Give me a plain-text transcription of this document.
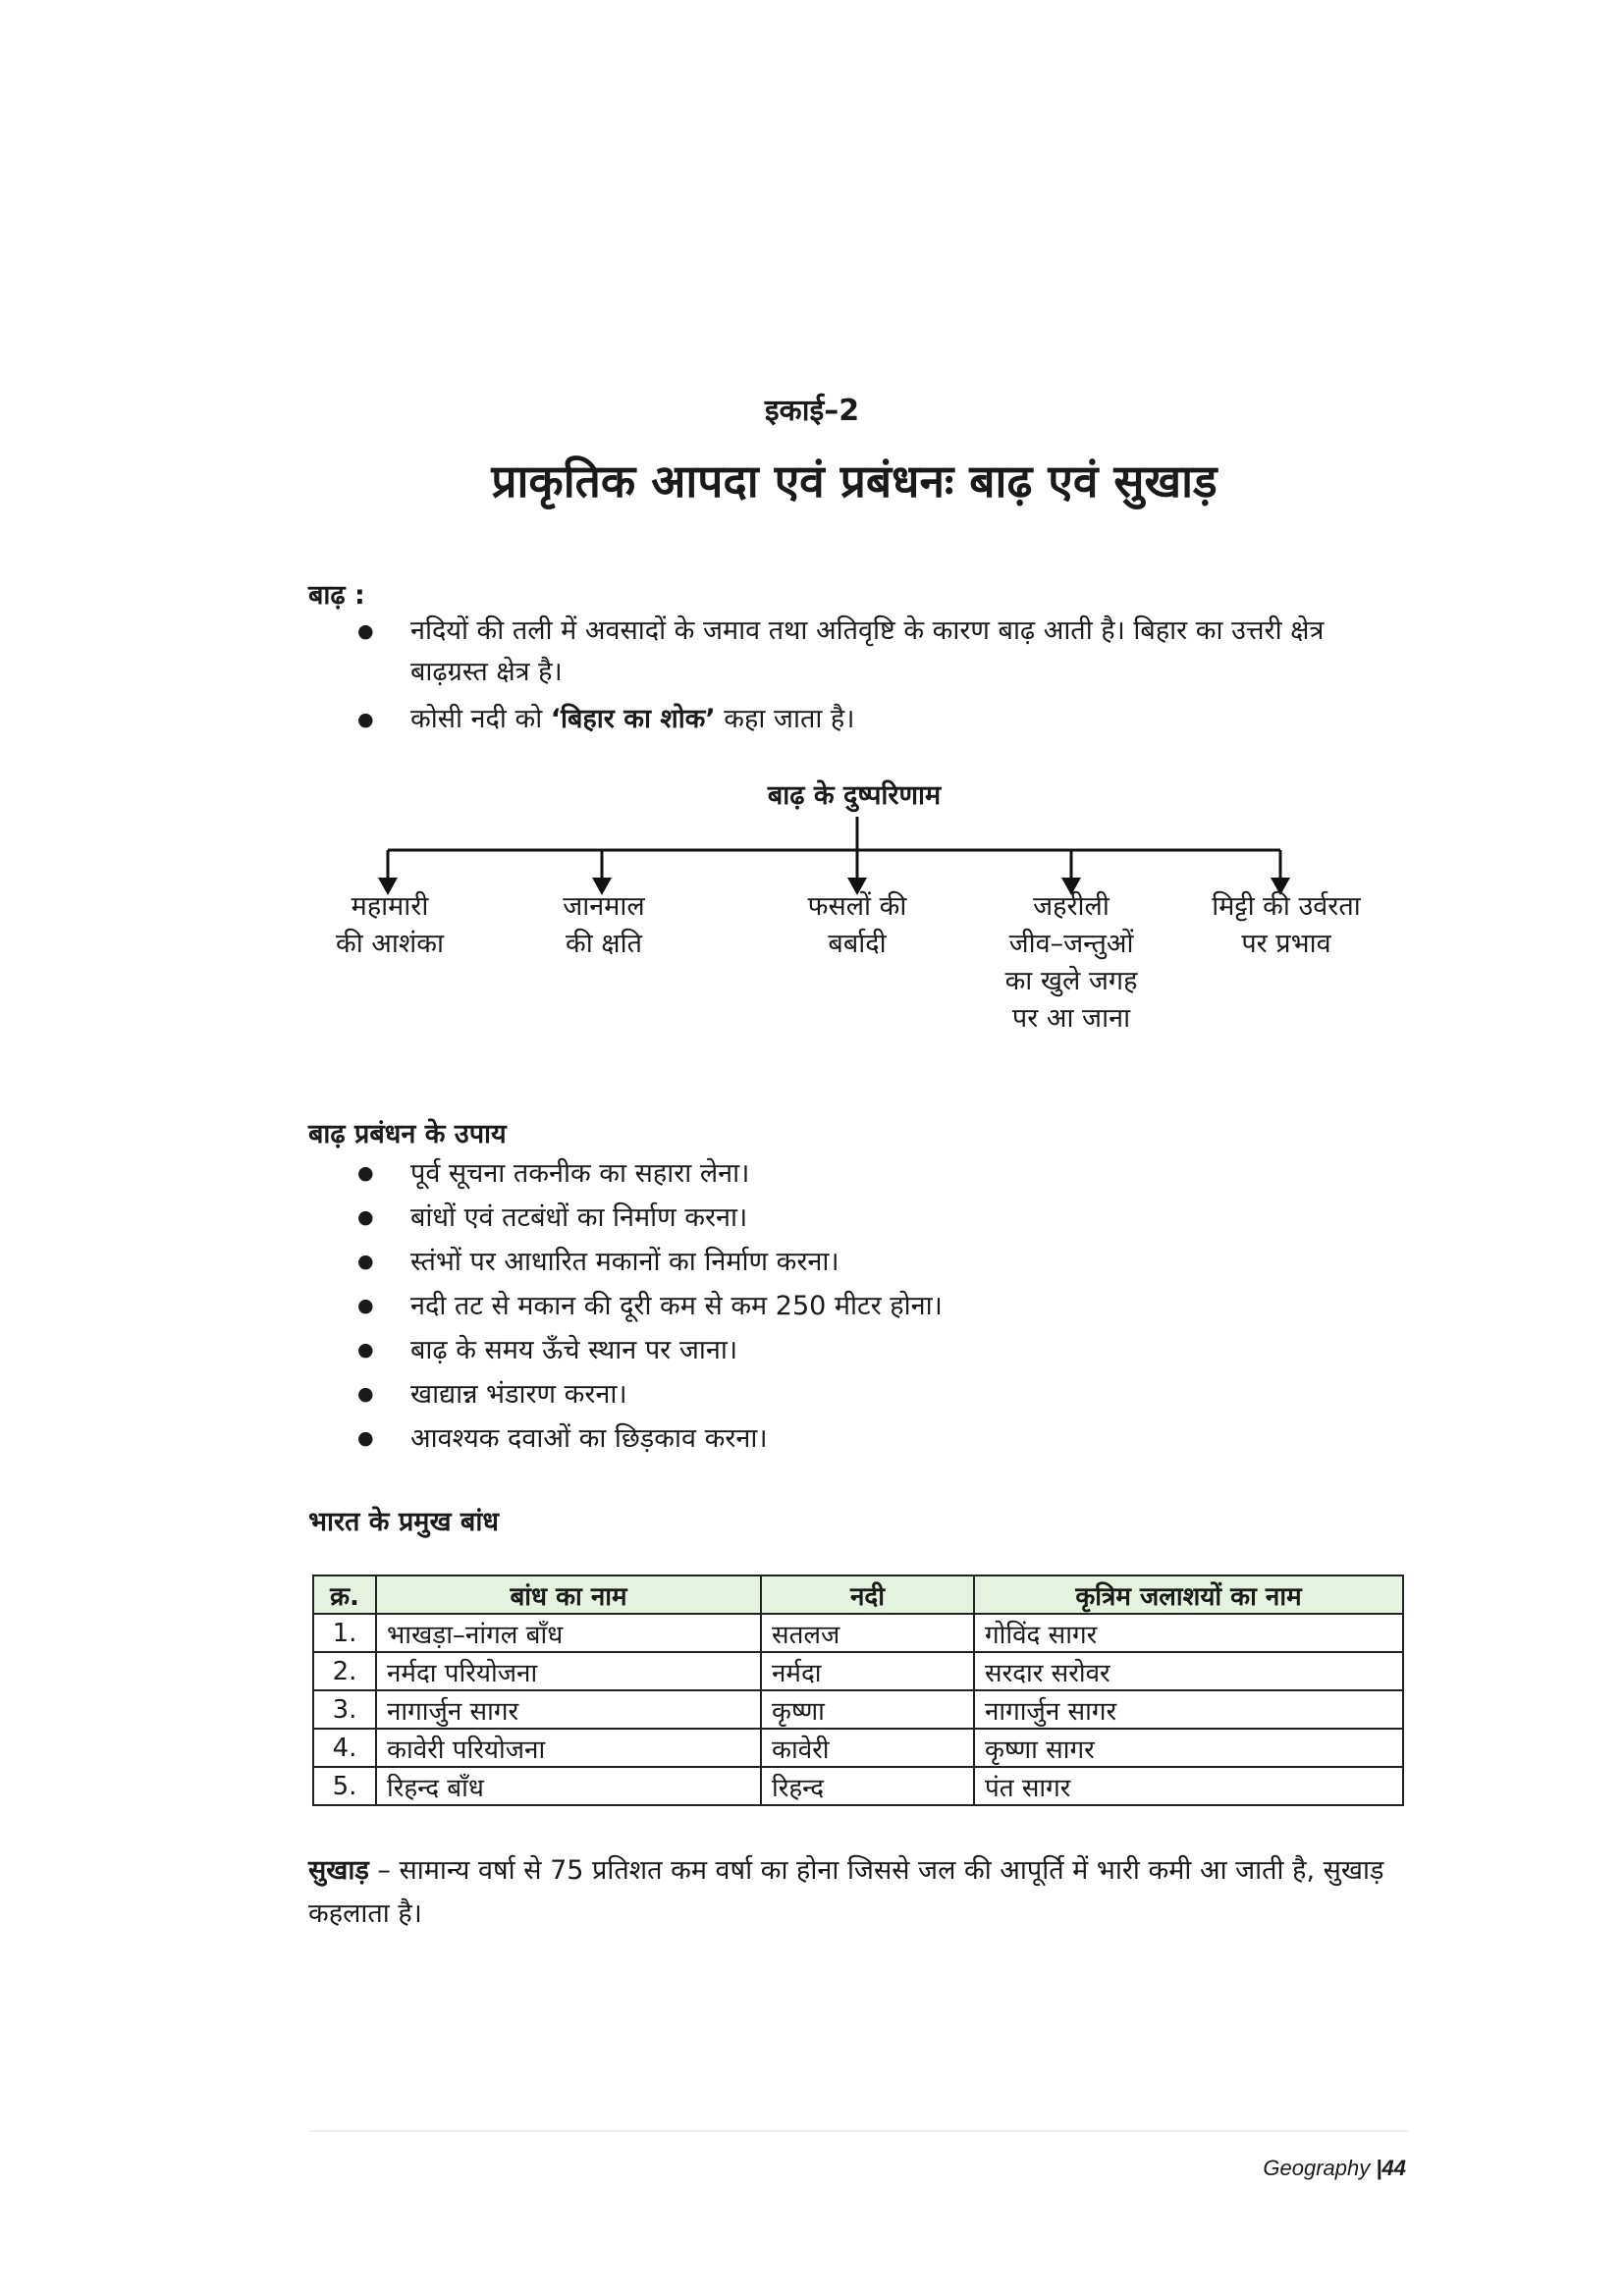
इकाई–2
प्राकृतिक आपदा एवं प्रबंधनः बाढ़ एवं सुखाड़
बाढ़ :
● नदियों की तली में अवसादों के जमाव तथा अतिवृष्टि के कारण बाढ़ आती है। बिहार का उत्तरी क्षेत्र बाढ़ग्रस्त क्षेत्र है।
● कोसी नदी को ‘बिहार का शोक’ कहा जाता है।
बाढ़ के दुष्परिणाम
महामारी
की आशंका
जानमाल
की क्षति
फसलों की
बर्बादी
जहरीली
जीव–जन्तुओं
का खुले जगह
पर आ जाना
मिट्टी की उर्वरता
पर प्रभाव
बाढ़ प्रबंधन के उपाय
● पूर्व सूचना तकनीक का सहारा लेना।
● बांधों एवं तटबंधों का निर्माण करना।
● स्तंभों पर आधारित मकानों का निर्माण करना।
● नदी तट से मकान की दूरी कम से कम 250 मीटर होना।
● बाढ़ के समय ऊँचे स्थान पर जाना।
● खाद्यान्न भंडारण करना।
● आवश्यक दवाओं का छिड़काव करना।
भारत के प्रमुख बांध
क्र.	बांध का नाम	नदी	कृत्रिम जलाशयों का नाम
1.	भाखड़ा–नांगल बाँध	सतलज	गोविंद सागर
2.	नर्मदा परियोजना	नर्मदा	सरदार सरोवर
3.	नागार्जुन सागर	कृष्णा	नागार्जुन सागर
4.	कावेरी परियोजना	कावेरी	कृष्णा सागर
5.	रिहन्द बाँध	रिहन्द	पंत सागर
सुखाड़ – सामान्य वर्षा से 75 प्रतिशत कम वर्षा का होना जिससे जल की आपूर्ति में भारी कमी आ जाती है, सुखाड़ कहलाता है।
Geography |44
